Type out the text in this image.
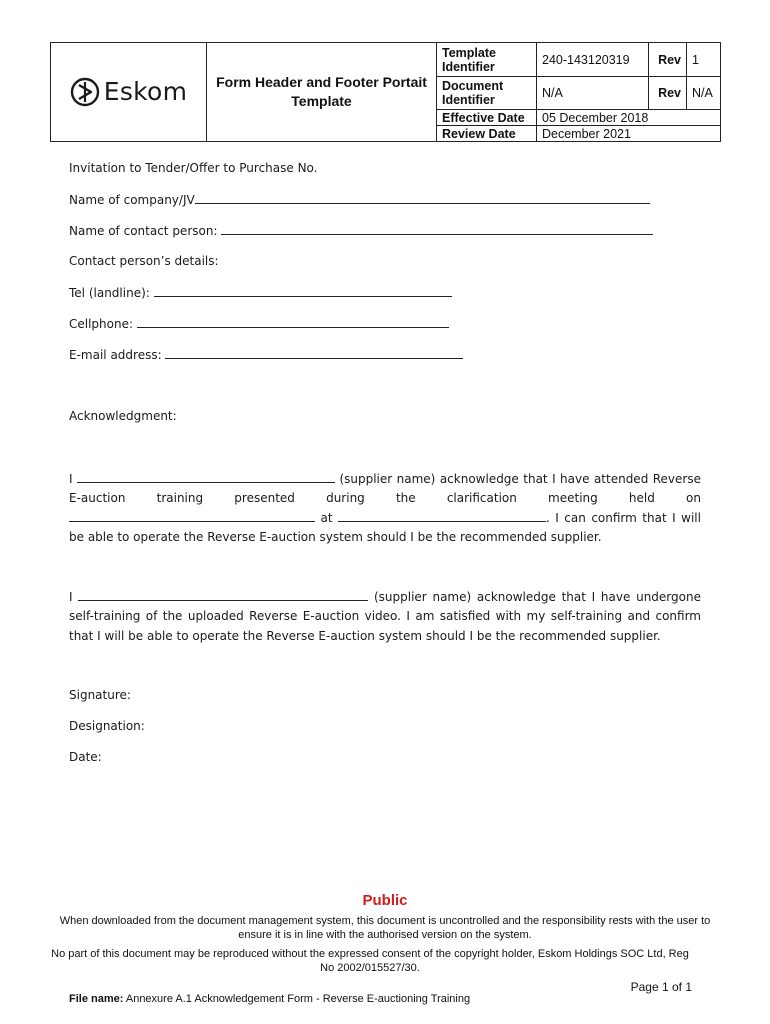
Eskom	Form Header and Footer Portait Template	Template Identifier	240-143120319	Rev	1
		Document Identifier	N/A	Rev	N/A
		Effective Date	05 December 2018		
		Review Date	December 2021		
Invitation to Tender/Offer to Purchase No.
Name of company/JV
Name of contact person:
Contact person’s details:
Tel (landline):
Cellphone:
E-mail address:
Acknowledgment:
I	(supplier name) acknowledge that I have attended Reverse E-auction training presented during the clarification meeting held on  at	. I can confirm that I will be able to operate the Reverse E-auction system should I be the recommended supplier.
I	(supplier name) acknowledge that I have undergone self-training of the uploaded Reverse E-auction video. I am satisfied with my self-training and confirm that I will be able to operate the Reverse E-auction system should I be the recommended supplier.
Signature:
Designation:
Date:
Public
When downloaded from the document management system, this document is uncontrolled and the responsibility rests with the user to ensure it is in line with the authorised version on the system.
No part of this document may be reproduced without the expressed consent of the copyright holder, Eskom Holdings SOC Ltd, Reg No 2002/015527/30.
Page 1 of 1
File name: Annexure A.1 Acknowledgement Form - Reverse E-auctioning Training
